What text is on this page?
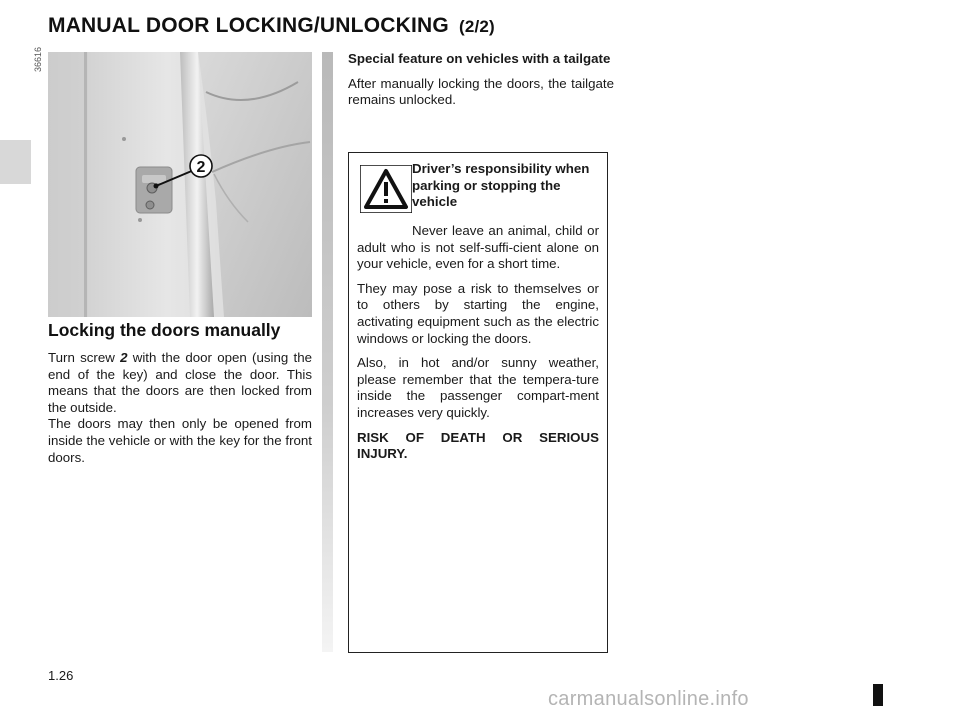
MANUAL DOOR LOCKING/UNLOCKING (2/2)
36616
2
Locking the doors manually

Turn screw 2 with the door open (using the end of the key) and close the door. This means that the doors are then locked from the outside.
The doors may then only be opened from inside the vehicle or with the key for the front doors.

Special feature on vehicles with a tailgate

After manually locking the doors, the tailgate remains unlocked.

Driver’s responsibility when parking or stopping the vehicle

Never leave an animal, child or adult who is not self-suffi-cient alone on your vehicle, even for a short time.

They may pose a risk to themselves or to others by starting the engine, activating equipment such as the electric windows or locking the doors.

Also, in hot and/or sunny weather, please remember that the tempera-ture inside the passenger compart-ment increases very quickly.

RISK OF DEATH OR SERIOUS INJURY.

1.26
carmanualsonline.info
